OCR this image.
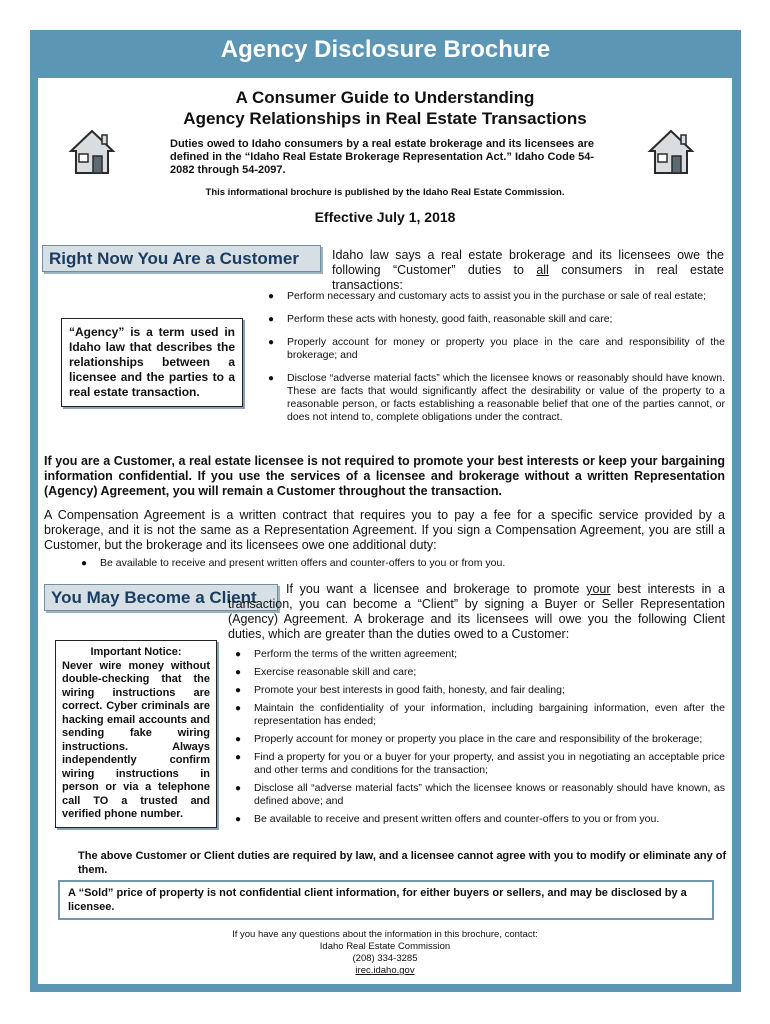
Agency Disclosure Brochure
A Consumer Guide to Understanding
Agency Relationships in Real Estate Transactions
Duties owed to Idaho consumers by a real estate brokerage and its licensees are defined in the “Idaho Real Estate Brokerage Representation Act.” Idaho Code 54-2082 through 54-2097.
This informational brochure is published by the Idaho Real Estate Commission.
Effective July 1, 2018
Right Now You Are a Customer	Idaho law says a real estate brokerage and its licensees owe the following “Customer” duties to all consumers in real estate transactions:
“Agency” is a term used in Idaho law that describes the relationships between a licensee and the parties to a real estate transaction.
● Perform necessary and customary acts to assist you in the purchase or sale of real estate;
● Perform these acts with honesty, good faith, reasonable skill and care;
● Properly account for money or property you place in the care and responsibility of the brokerage; and
● Disclose “adverse material facts” which the licensee knows or reasonably should have known. These are facts that would significantly affect the desirability or value of the property to a reasonable person, or facts establishing a reasonable belief that one of the parties cannot, or does not intend to, complete obligations under the contract.
If you are a Customer, a real estate licensee is not required to promote your best interests or keep your bargaining information confidential. If you use the services of a licensee and brokerage without a written Representation (Agency) Agreement, you will remain a Customer throughout the transaction.
A Compensation Agreement is a written contract that requires you to pay a fee for a specific service provided by a brokerage, and it is not the same as a Representation Agreement. If you sign a Compensation Agreement, you are still a Customer, but the brokerage and its licensees owe one additional duty:
● Be available to receive and present written offers and counter-offers to you or from you.
You May Become a Client	If you want a licensee and brokerage to promote your best interests in a transaction, you can become a “Client” by signing a Buyer or Seller Representation (Agency) Agreement. A brokerage and its licensees will owe you the following Client duties, which are greater than the duties owed to a Customer:
Important Notice:
Never wire money without double-checking that the wiring instructions are correct. Cyber criminals are hacking email accounts and sending fake wiring instructions. Always independently confirm wiring instructions in person or via a telephone call TO a trusted and verified phone number.
● Perform the terms of the written agreement;
● Exercise reasonable skill and care;
● Promote your best interests in good faith, honesty, and fair dealing;
● Maintain the confidentiality of your information, including bargaining information, even after the representation has ended;
● Properly account for money or property you place in the care and responsibility of the brokerage;
● Find a property for you or a buyer for your property, and assist you in negotiating an acceptable price and other terms and conditions for the transaction;
● Disclose all “adverse material facts” which the licensee knows or reasonably should have known, as defined above; and
● Be available to receive and present written offers and counter-offers to you or from you.
The above Customer or Client duties are required by law, and a licensee cannot agree with you to modify or eliminate any of them.
A “Sold” price of property is not confidential client information, for either buyers or sellers, and may be disclosed by a licensee.
If you have any questions about the information in this brochure, contact:
Idaho Real Estate Commission
(208) 334-3285
irec.idaho.gov
